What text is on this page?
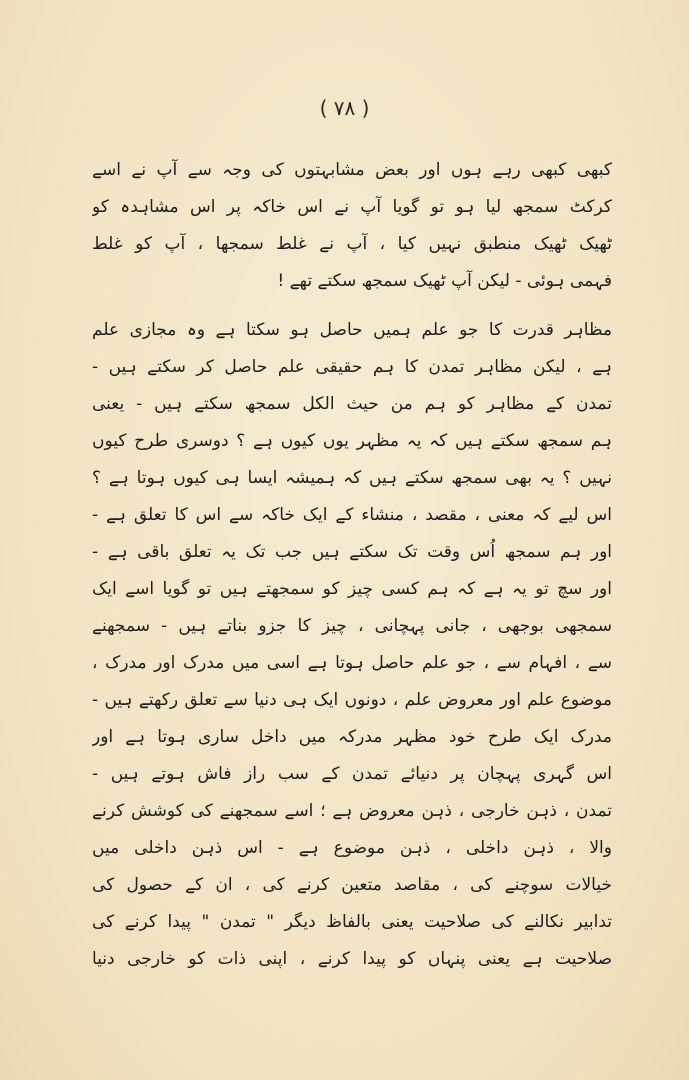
( ٧٨ )
کبھی کبھی رہے ہوں اور بعض مشابہتوں کی وجہ سے آپ نے اسے
کرکٹ سمجھ لیا ہو تو گویا آپ نے اس خاکہ پر اس مشاہدہ کو
ٹھیک ٹھیک منطبق نہیں کیا ، آپ نے غلط سمجھا ، آپ کو غلط
فہمی ہوئی - لیکن آپ ٹھیک سمجھ سکتے تھے !
مظاہر قدرت کا جو علم ہمیں حاصل ہو سکتا ہے وہ مجازی علم
ہے ، لیکن مظاہر تمدن کا ہم حقیقی علم حاصل کر سکتے ہیں -
تمدن کے مظاہر کو ہم من حیث الکل سمجھ سکتے ہیں - یعنی
ہم سمجھ سکتے ہیں کہ یہ مظہر یوں کیوں ہے ؟ دوسری طرح کیوں
نہیں ؟ یہ بھی سمجھ سکتے ہیں کہ ہمیشہ ایسا ہی کیوں ہوتا ہے ؟
اس لیے کہ معنی ، مقصد ، منشاء کے ایک خاکہ سے اس کا تعلق ہے -
اور ہم سمجھ اُس وقت تک سکتے ہیں جب تک یہ تعلق باقی ہے -
اور سچ تو یہ ہے کہ ہم کسی چیز کو سمجھتے ہیں تو گویا اسے ایک
سمجھی بوجھی ، جانی پہچانی ، چیز کا جزو بناتے ہیں - سمجھنے
سے ، افہام سے ، جو علم حاصل ہوتا ہے اسی میں مدرک اور مدرک ،
موضوع علم اور معروض علم ، دونوں ایک ہی دنیا سے تعلق رکھتے ہیں -
مدرک ایک طرح خود مظہر مدرکہ میں داخل ساری ہوتا ہے اور
اس گہری پہچان پر دنیائے تمدن کے سب راز فاش ہوتے ہیں -
تمدن ، ذہن خارجی ، ذہن معروض ہے ؛ اسے سمجھنے کی کوشش کرنے
والا ، ذہن داخلی ، ذہن موضوع ہے - اس ذہن داخلی میں
خیالات سوچنے کی ، مقاصد متعین کرنے کی ، ان کے حصول کی
تدابیر نکالنے کی صلاحیت یعنی بالفاظ دیگر " تمدن " پیدا کرنے کی
صلاحیت ہے یعنی پنہاں کو پیدا کرنے ، اپنی ذات کو خارجی دنیا
